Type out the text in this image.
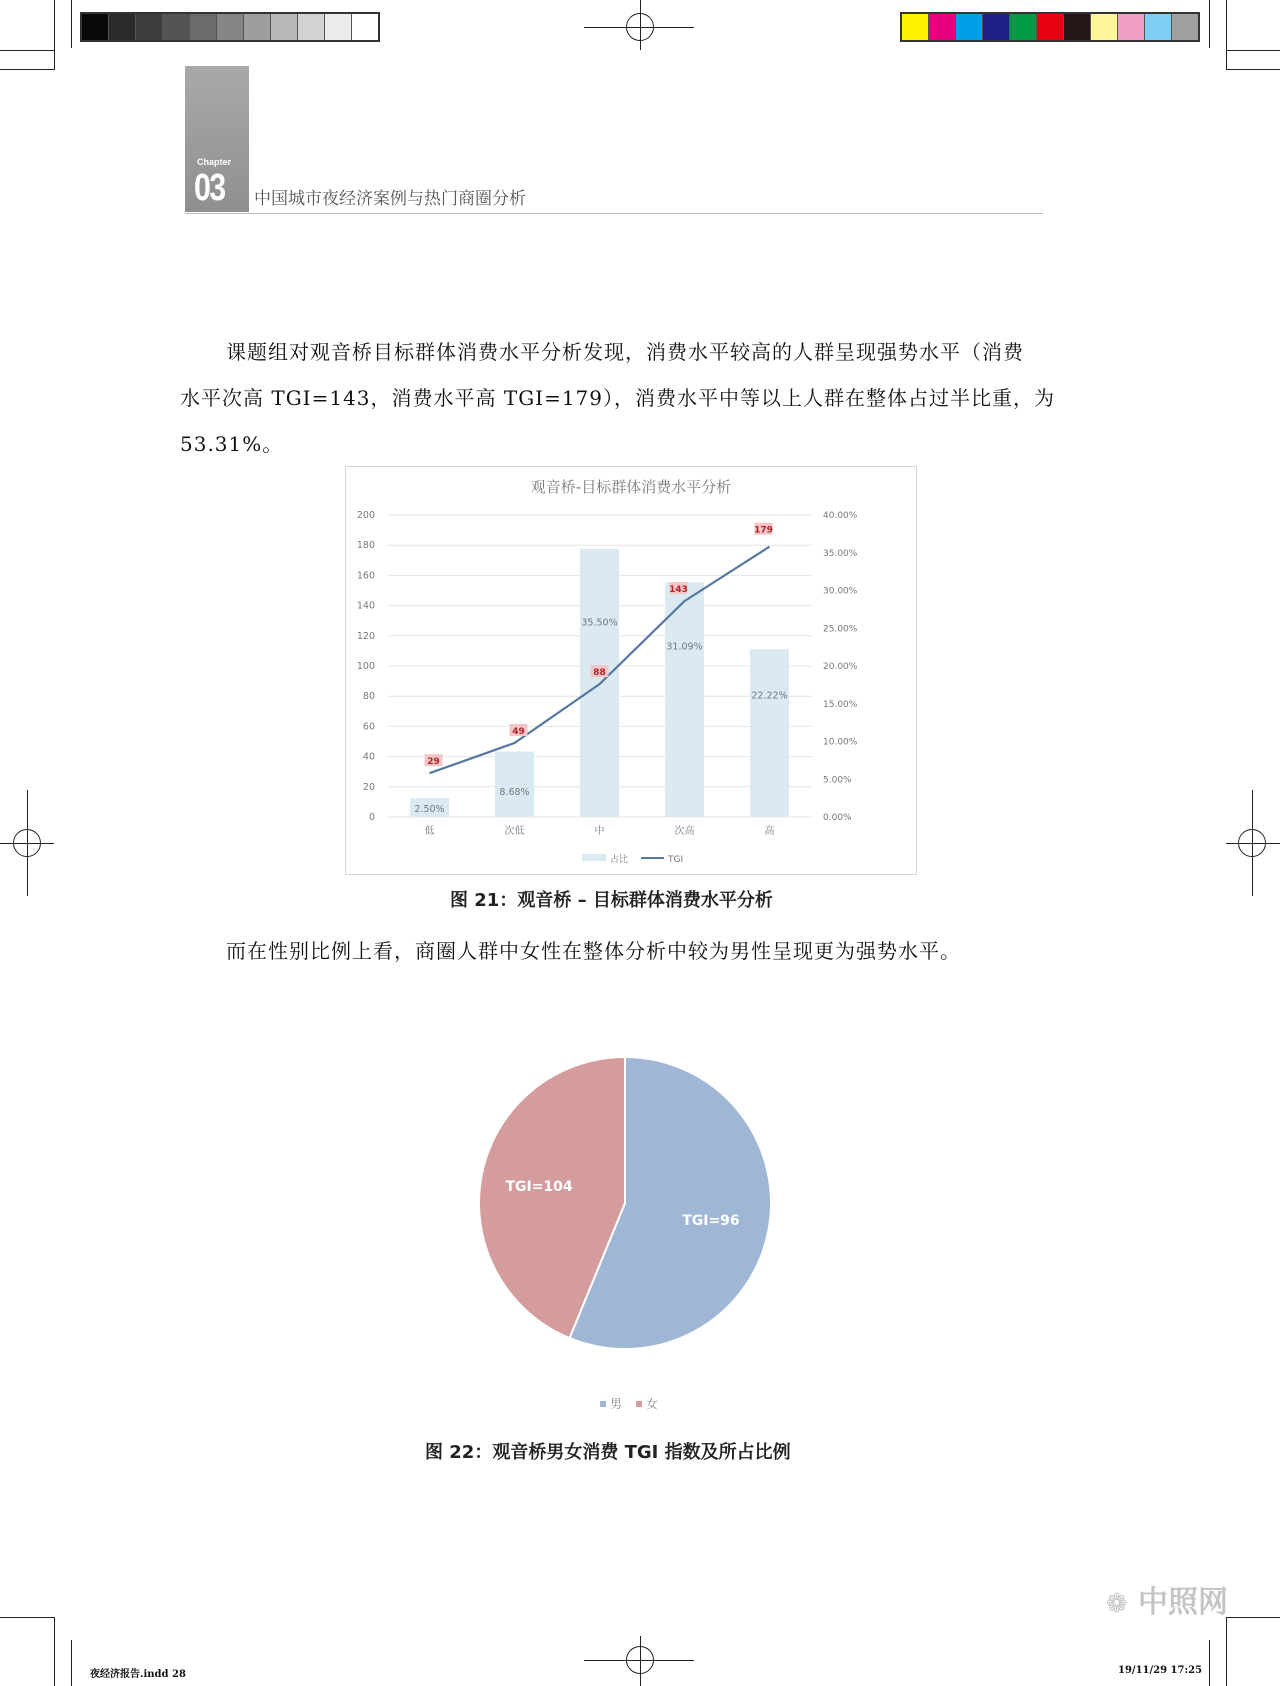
Chapter
03 中国城市夜经济案例与热门商圈分析
课题组对观音桥目标群体消费水平分析发现，消费水平较高的人群呈现强势水平（消费
水平次高 TGI=143，消费水平高 TGI=179），消费水平中等以上人群在整体占过半比重，为
53.31%。
观音桥-目标群体消费水平分析
200
180
160
140
120
100
80
60
40
20
0
40.00%
35.00%
30.00%
25.00%
20.00%
15.00%
10.00%
5.00%
0.00%
2.50%
低
8.68%
次低
35.50%
中
31.09%
次高
22.22%
高
29
49
88
143
179
占比	TGI
图 21：观音桥 – 目标群体消费水平分析
而在性别比例上看，商圈人群中女性在整体分析中较为男性呈现更为强势水平。
TGI=96
TGI=104
男 女
图 22：观音桥男女消费 TGI 指数及所占比例
夜经济报告.indd 28	19/11/29 17:25
❁ 中照网
